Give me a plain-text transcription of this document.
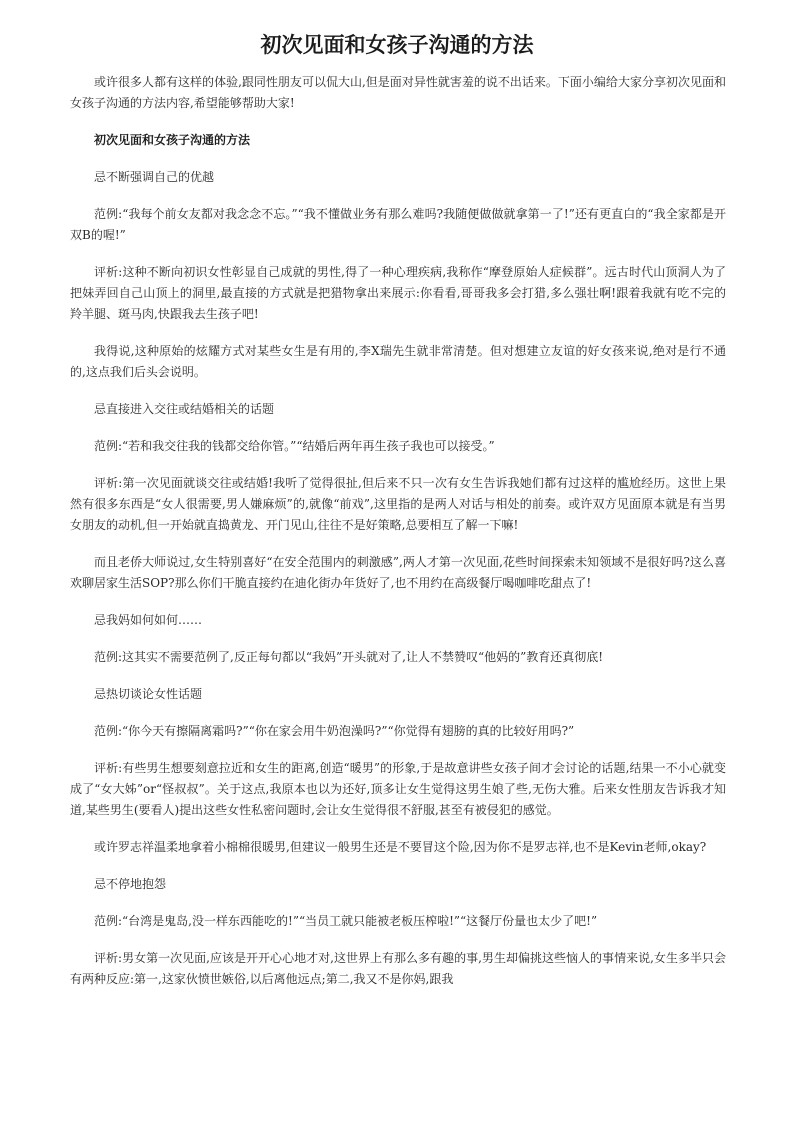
初次见面和女孩子沟通的方法

或许很多人都有这样的体验,跟同性朋友可以侃大山,但是面对异性就害羞的说不出话来。下面小编给大家分享初次见面和女孩子沟通的方法内容,希望能够帮助大家!

初次见面和女孩子沟通的方法

忌不断强调自己的优越

范例:“我每个前女友都对我念念不忘。”“我不懂做业务有那么难吗?我随便做做就拿第一了!”还有更直白的“我全家都是开双B的喔!”

评析:这种不断向初识女性彰显自己成就的男性,得了一种心理疾病,我称作“摩登原始人症候群”。远古时代山顶洞人为了把妹弄回自己山顶上的洞里,最直接的方式就是把猎物拿出来展示:你看看,哥哥我多会打猎,多么强壮啊!跟着我就有吃不完的羚羊腿、斑马肉,快跟我去生孩子吧!

我得说,这种原始的炫耀方式对某些女生是有用的,李X瑞先生就非常清楚。但对想建立友谊的好女孩来说,绝对是行不通的,这点我们后头会说明。

忌直接进入交往或结婚相关的话题

范例:“若和我交往我的钱都交给你管。”“结婚后两年再生孩子我也可以接受。”

评析:第一次见面就谈交往或结婚!我听了觉得很扯,但后来不只一次有女生告诉我她们都有过这样的尴尬经历。这世上果然有很多东西是“女人很需要,男人嫌麻烦”的,就像“前戏”,这里指的是两人对话与相处的前奏。或许双方见面原本就是有当男女朋友的动机,但一开始就直捣黄龙、开门见山,往往不是好策略,总要相互了解一下嘛!

而且老侨大师说过,女生特别喜好“在安全范围内的刺激感”,两人才第一次见面,花些时间探索未知领域不是很好吗?这么喜欢聊居家生活SOP?那么你们干脆直接约在迪化街办年货好了,也不用约在高级餐厅喝咖啡吃甜点了!

忌我妈如何如何……

范例:这其实不需要范例了,反正每句都以“我妈”开头就对了,让人不禁赞叹“他妈的”教育还真彻底!

忌热切谈论女性话题

范例:“你今天有擦隔离霜吗?”“你在家会用牛奶泡澡吗?”“你觉得有翅膀的真的比较好用吗?”

评析:有些男生想要刻意拉近和女生的距离,创造“暖男”的形象,于是故意讲些女孩子间才会讨论的话题,结果一不小心就变成了“女大姊”or“怪叔叔”。关于这点,我原本也以为还好,顶多让女生觉得这男生娘了些,无伤大雅。后来女性朋友告诉我才知道,某些男生(要看人)提出这些女性私密问题时,会让女生觉得很不舒服,甚至有被侵犯的感觉。

或许罗志祥温柔地拿着小棉棉很暖男,但建议一般男生还是不要冒这个险,因为你不是罗志祥,也不是Kevin老师,okay?

忌不停地抱怨

范例:“台湾是鬼岛,没一样东西能吃的!”“当员工就只能被老板压榨啦!”“这餐厅份量也太少了吧!”

评析:男女第一次见面,应该是开开心心地才对,这世界上有那么多有趣的事,男生却偏挑这些恼人的事情来说,女生多半只会有两种反应:第一,这家伙愤世嫉俗,以后离他远点;第二,我又不是你妈,跟我
